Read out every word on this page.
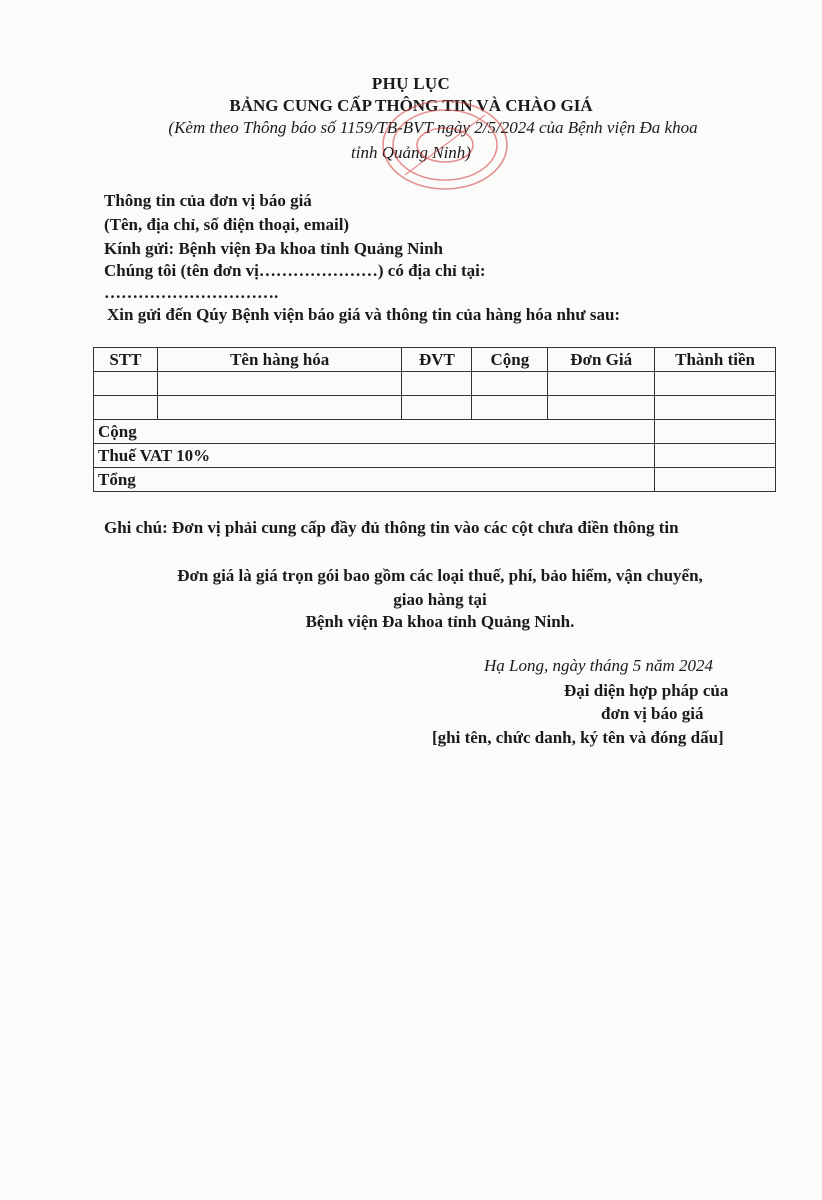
PHỤ LỤC
BẢNG CUNG CẤP THÔNG TIN VÀ CHÀO GIÁ
(Kèm theo Thông báo số 1159/TB-BVT ngày 2/5/2024 của Bệnh viện Đa khoa
tỉnh Quảng Ninh)
Thông tin của đơn vị báo giá
(Tên, địa chỉ, số điện thoại, email)
Kính gửi: Bệnh viện Đa khoa tỉnh Quảng Ninh
Chúng tôi (tên đơn vị…………………) có địa chỉ tại:
………………………….
Xin gửi đến Qúy Bệnh viện báo giá và thông tin của hàng hóa như sau:
STT	Tên hàng hóa	ĐVT	Cộng	Đơn Giá	Thành tiền

Cộng					
Thuế VAT 10%					
Tổng					
Ghi chú: Đơn vị phải cung cấp đầy đủ thông tin vào các cột chưa điền thông tin
Đơn giá là giá trọn gói bao gồm các loại thuế, phí, bảo hiểm, vận chuyển,
giao hàng tại
Bệnh viện Đa khoa tỉnh Quảng Ninh.
Hạ Long, ngày tháng 5 năm 2024
Đại diện hợp pháp của
đơn vị báo giá
[ghi tên, chức danh, ký tên và đóng dấu]
